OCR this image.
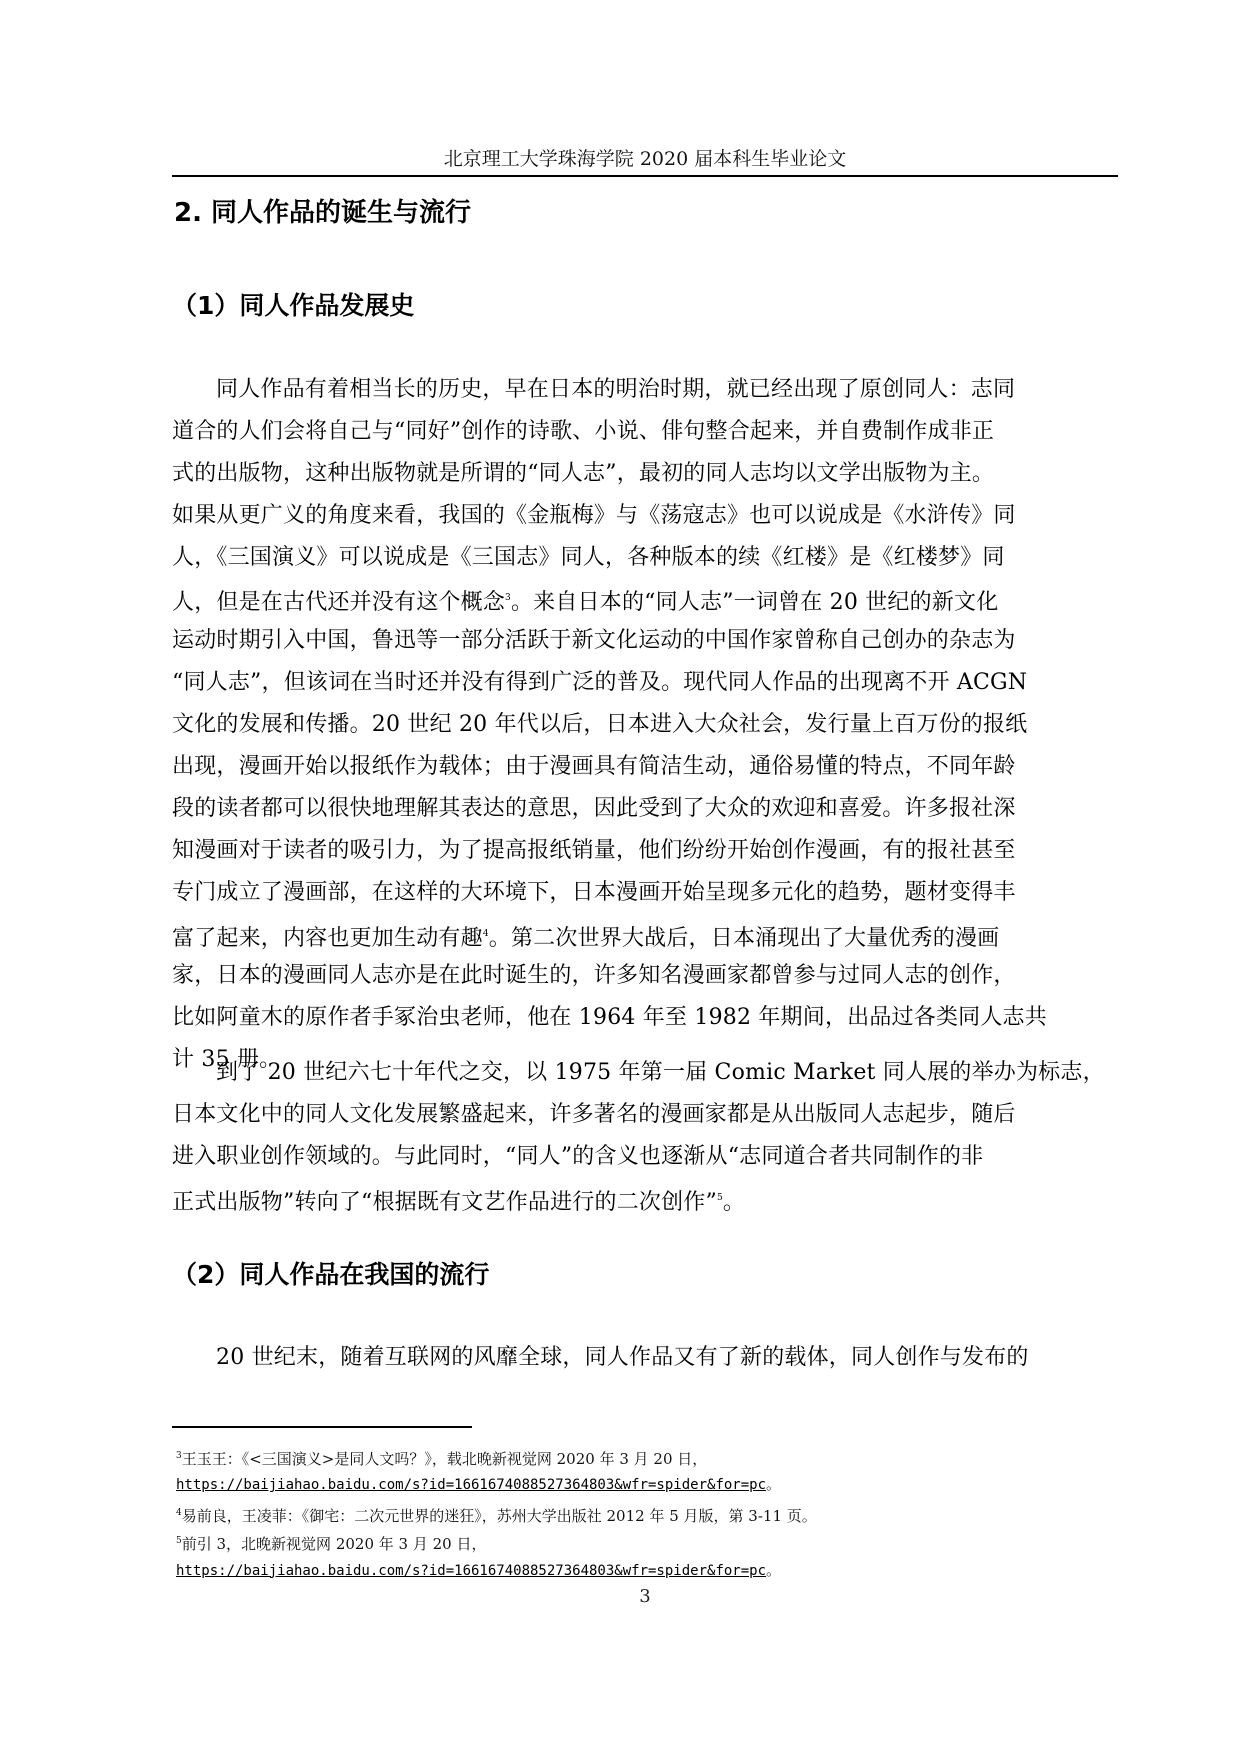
北京理工大学珠海学院 2020 届本科生毕业论文
2. 同人作品的诞生与流行
（1）同人作品发展史
同人作品有着相当长的历史，早在日本的明治时期，就已经出现了原创同人：志同
道合的人们会将自己与“同好”创作的诗歌、小说、俳句整合起来，并自费制作成非正
式的出版物，这种出版物就是所谓的“同人志”，最初的同人志均以文学出版物为主。
如果从更广义的角度来看，我国的《金瓶梅》与《荡寇志》也可以说成是《水浒传》同
人，《三国演义》可以说成是《三国志》同人，各种版本的续《红楼》是《红楼梦》同
人，但是在古代还并没有这个概念$^3$。来自日本的“同人志”一词曾在 20 世纪的新文化
运动时期引入中国，鲁迅等一部分活跃于新文化运动的中国作家曾称自己创办的杂志为
“同人志”，但该词在当时还并没有得到广泛的普及。现代同人作品的出现离不开 ACGN
文化的发展和传播。20 世纪 20 年代以后，日本进入大众社会，发行量上百万份的报纸
出现，漫画开始以报纸作为载体；由于漫画具有简洁生动，通俗易懂的特点，不同年龄
段的读者都可以很快地理解其表达的意思，因此受到了大众的欢迎和喜爱。许多报社深
知漫画对于读者的吸引力，为了提高报纸销量，他们纷纷开始创作漫画，有的报社甚至
专门成立了漫画部，在这样的大环境下，日本漫画开始呈现多元化的趋势，题材变得丰
富了起来，内容也更加生动有趣$^4$。第二次世界大战后，日本涌现出了大量优秀的漫画
家，日本的漫画同人志亦是在此时诞生的，许多知名漫画家都曾参与过同人志的创作，
比如阿童木的原作者手冢治虫老师，他在 1964 年至 1982 年期间，出品过各类同人志共
计 35 册。
到了 20 世纪六七十年代之交，以 1975 年第一届 Comic Market 同人展的举办为标志，
日本文化中的同人文化发展繁盛起来，许多著名的漫画家都是从出版同人志起步，随后
进入职业创作领域的。与此同时，“同人”的含义也逐渐从“志同道合者共同制作的非
正式出版物”转向了“根据既有文艺作品进行的二次创作”$^5$。
（2）同人作品在我国的流行
20 世纪末，随着互联网的风靡全球，同人作品又有了新的载体，同人创作与发布的
$^3$王玉王：《<三国演义>是同人文吗？》，载北晚新视觉网 2020 年 3 月 20 日，
https://baijiahao.baidu.com/s?id=1661674088527364803&wfr=spider&for=pc。
$^4$易前良，王凌菲：《御宅：二次元世界的迷狂》，苏州大学出版社 2012 年 5 月版，第 3-11 页。
$^5$前引 3，北晚新视觉网 2020 年 3 月 20 日，
https://baijiahao.baidu.com/s?id=1661674088527364803&wfr=spider&for=pc。
3
